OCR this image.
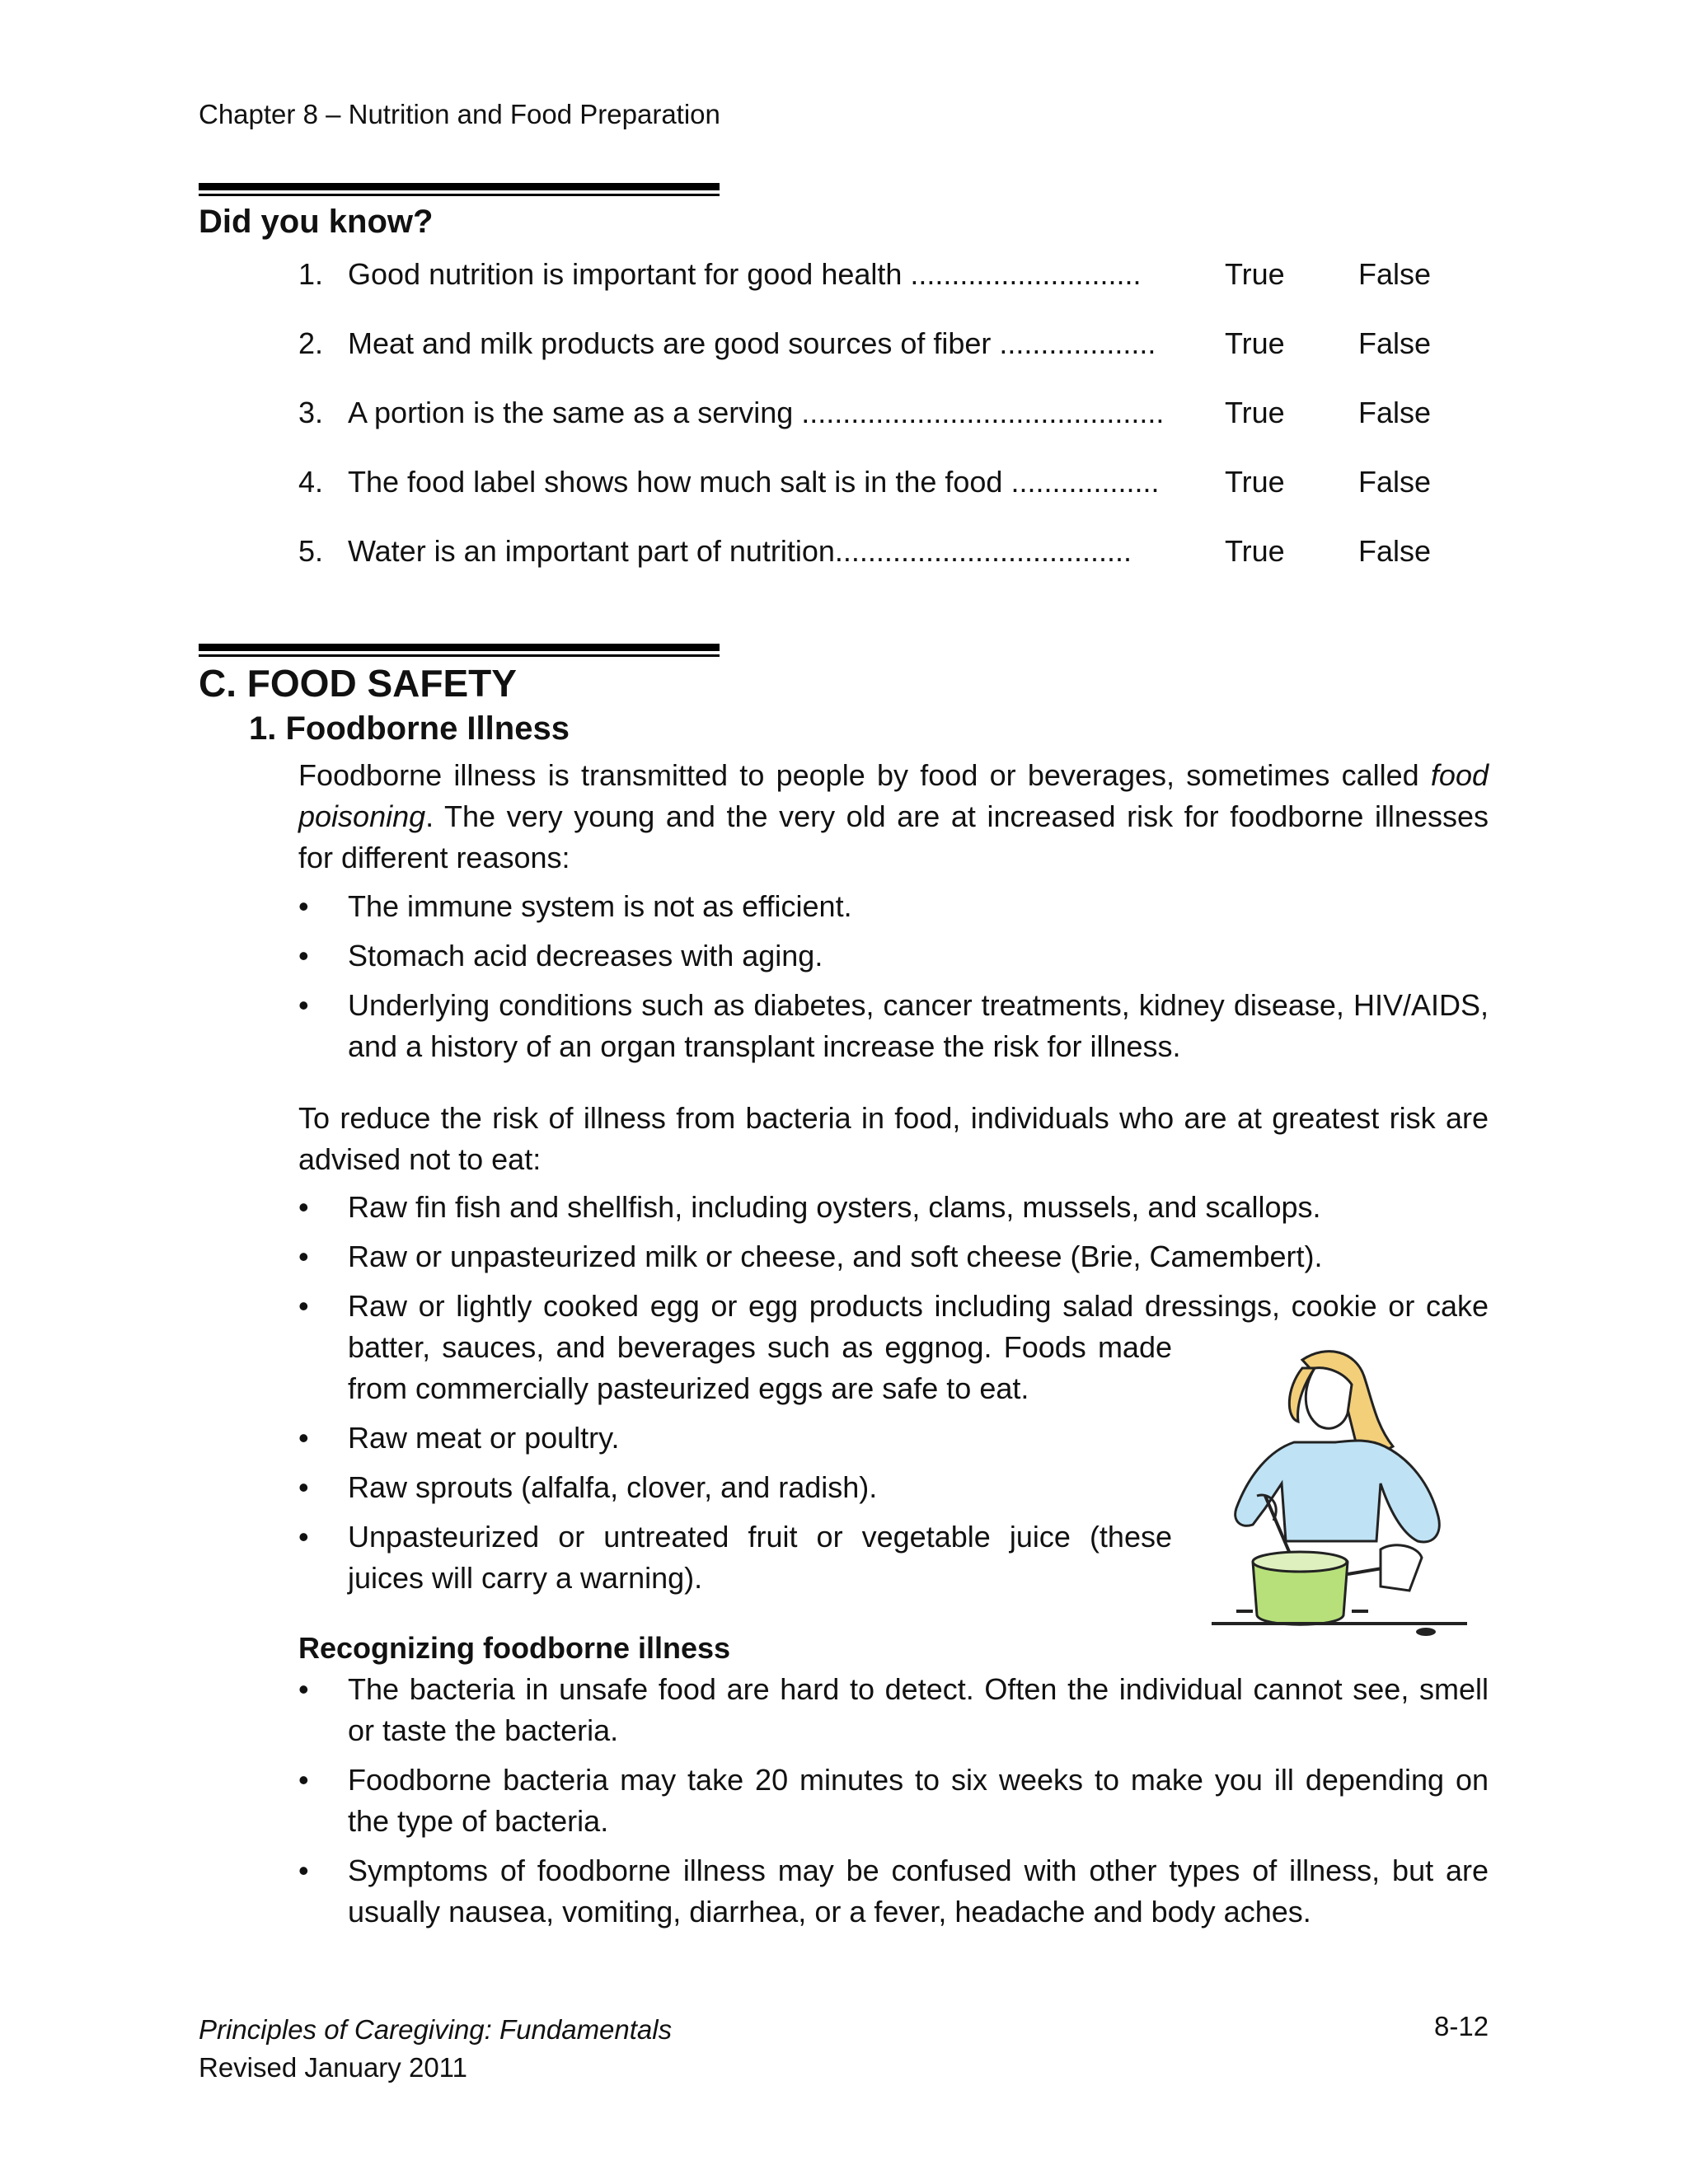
Chapter 8 – Nutrition and Food Preparation
Did you know?
1. Good nutrition is important for good health ............................	True False
2. Meat and milk products are good sources of fiber ...................	True False
3. A portion is the same as a serving ............................................	True False
4. The food label shows how much salt is in the food ..................	True False
5. Water is an important part of nutrition....................................	True False
C. FOOD SAFETY
1. Foodborne Illness
Foodborne illness is transmitted to people by food or beverages, sometimes called food poisoning. The very young and the very old are at increased risk for foodborne illnesses for different reasons:
• The immune system is not as efficient.
• Stomach acid decreases with aging.
• Underlying conditions such as diabetes, cancer treatments, kidney disease, HIV/AIDS, and a history of an organ transplant increase the risk for illness.
To reduce the risk of illness from bacteria in food, individuals who are at greatest risk are advised not to eat:
• Raw fin fish and shellfish, including oysters, clams, mussels, and scallops.
• Raw or unpasteurized milk or cheese, and soft cheese (Brie, Camembert).
• Raw or lightly cooked egg or egg products including salad dressings, cookie or cake
batter, sauces, and beverages such as eggnog. Foods made from commercially pasteurized eggs are safe to eat.
• Raw meat or poultry.
• Raw sprouts (alfalfa, clover, and radish).
• Unpasteurized or untreated fruit or vegetable juice (these juices will carry a warning).
Recognizing foodborne illness
• The bacteria in unsafe food are hard to detect. Often the individual cannot see, smell or taste the bacteria.
• Foodborne bacteria may take 20 minutes to six weeks to make you ill depending on the type of bacteria.
• Symptoms of foodborne illness may be confused with other types of illness, but are usually nausea, vomiting, diarrhea, or a fever, headache and body aches.
Principles of Caregiving: Fundamentals
Revised January 2011
8-12
